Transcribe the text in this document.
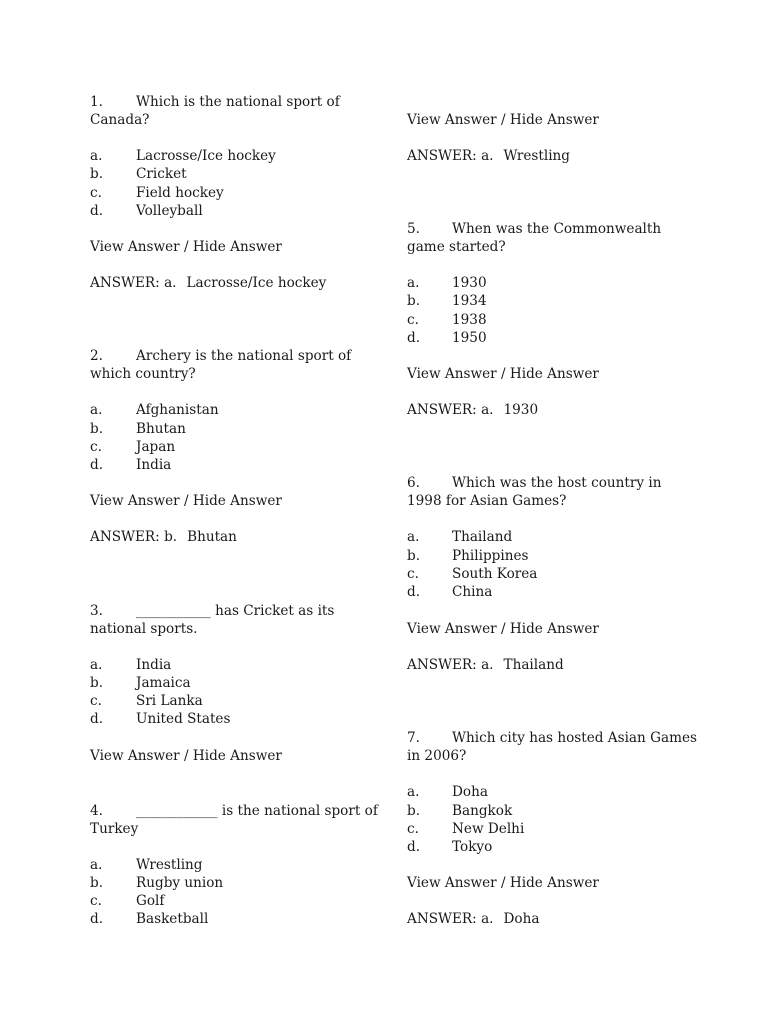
1. Which is the national sport of
Canada?
a. Lacrosse/Ice hockey
b. Cricket
c.	Field hockey
d. Volleyball
View Answer / Hide Answer
ANSWER: a. Lacrosse/Ice hockey
2. Archery is the national sport of
which country?
a. Afghanistan
b. Bhutan
c.	Japan
d. India
View Answer / Hide Answer
ANSWER: b. Bhutan
3. ___________ has Cricket as its
national sports.
a. India
b. Jamaica
c.	Sri Lanka
d. United States
View Answer / Hide Answer
4. ____________ is the national sport of
Turkey
a. Wrestling
b. Rugby union
c.	Golf
d. Basketball
View Answer / Hide Answer
ANSWER: a. Wrestling
5. When was the Commonwealth
game started?
a. 1930
b. 1934
c. 1938
d. 1950
View Answer / Hide Answer
ANSWER: a. 1930
6. Which was the host country in
1998 for Asian Games?
a. Thailand
b. Philippines
c. South Korea
d. China
View Answer / Hide Answer
ANSWER: a. Thailand
7. Which city has hosted Asian Games
in 2006?
a. Doha
b. Bangkok
c. New Delhi
d. Tokyo
View Answer / Hide Answer
ANSWER: a. Doha
